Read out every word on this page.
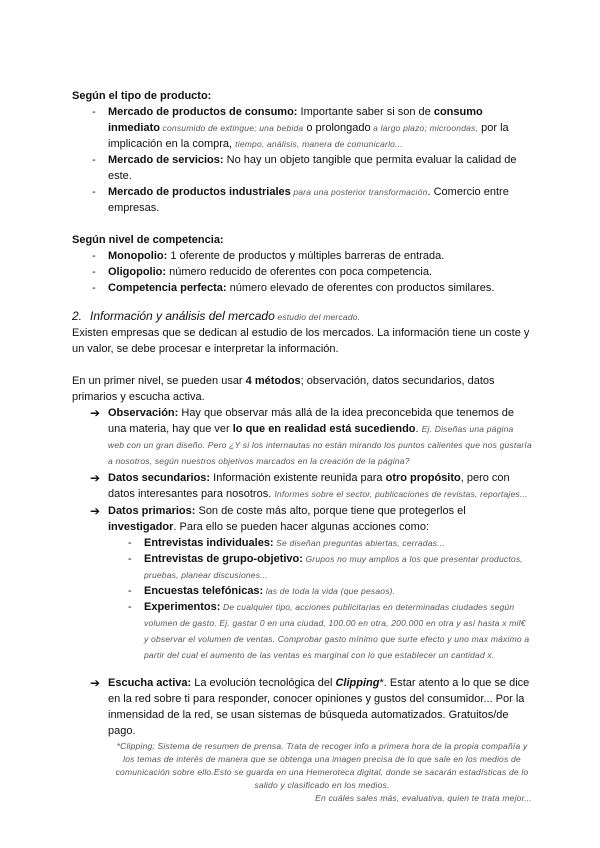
Según el tipo de producto:

- Mercado de productos de consumo: Importante saber si son de consumo inmediato consumido de extingue; una bebida o prolongado a largo plazo; microondas, por la implicación en la compra, tiempo, análisis, manera de comunicarlo...
- Mercado de servicios: No hay un objeto tangible que permita evaluar la calidad de este.
- Mercado de productos industriales para una posterior transformación. Comercio entre empresas.

Según nivel de competencia:

- Monopolio: 1 oferente de productos y múltiples barreras de entrada.
- Oligopolio: número reducido de oferentes con poca competencia.
- Competencia perfecta: número elevado de oferentes con productos similares.
2. Información y análisis del mercado estudio del mercado.

Existen empresas que se dedican al estudio de los mercados. La información tiene un coste y un valor, se debe procesar e interpretar la información.

En un primer nivel, se pueden usar 4 métodos; observación, datos secundarios, datos primarios y escucha activa.

➔ Observación: Hay que observar más allá de la idea preconcebida que tenemos de una materia, hay que ver lo que en realidad está sucediendo. Ej. Diseñas una página web con un gran diseño. Pero ¿Y si los internautas no están mirando los puntos calientes que nos gustaría a nosotros, según nuestros objetivos marcados en la creación de la página?
➔ Datos secundarios: Información existente reunida para otro propósito, pero con datos interesantes para nosotros. Informes sobre el sector, publicaciones de revistas, reportajes...
➔ Datos primarios: Son de coste más alto, porque tiene que protegerlos el investigador. Para ello se pueden hacer algunas acciones como:
- Entrevistas individuales: Se diseñan preguntas abiertas, cerradas...
- Entrevistas de grupo-objetivo: Grupos no muy amplios a los que presentar productos, pruebas, planear discusiones...
- Encuestas telefónicas: las de toda la vida (que pesaos).
- Experimentos: De cualquier tipo, acciones publicitarias en determinadas ciudades según volumen de gasto. Ej. gastar 0 en una ciudad, 100.00 en otra, 200.000 en otra y así hasta x mil€ y observar el volumen de ventas. Comprobar gasto mínimo que surte efecto y uno max máximo a partir del cual el aumento de las ventas es marginal con lo que establecer un cantidad x.
➔ Escucha activa: La evolución tecnológica del Clipping*. Estar atento a lo que se dice en la red sobre ti para responder, conocer opiniones y gustos del consumidor... Por la inmensidad de la red, se usan sistemas de búsqueda automatizados. Gratuitos/de pago.
*Clipping; Sistema de resumen de prensa. Trata de recoger info a primera hora de la propia compañía y los temas de interés de manera que se obtenga una imagen precisa de lo que sale en los medios de comunicación sobre ello.Esto se guarda en una Hemeroteca digital, donde se sacarán estadísticas de lo salido y clasificado en los medios.
En cuáles sales más, evaluativa, quien te trata mejor...
